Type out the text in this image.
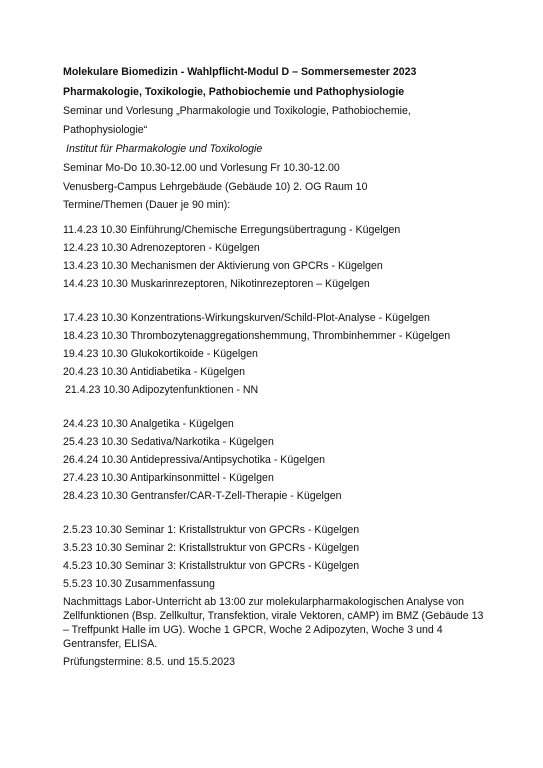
Molekulare Biomedizin - Wahlpflicht-Modul D – Sommersemester 2023
Pharmakologie, Toxikologie, Pathobiochemie und Pathophysiologie
Seminar und Vorlesung „Pharmakologie und Toxikologie, Pathobiochemie,
Pathophysiologie“
Institut für Pharmakologie und Toxikologie
Seminar Mo-Do 10.30-12.00 und Vorlesung Fr 10.30-12.00
Venusberg-Campus Lehrgebäude (Gebäude 10) 2. OG Raum 10
Termine/Themen (Dauer je 90 min):
11.4.23 10.30 Einführung/Chemische Erregungsübertragung - Kügelgen
12.4.23 10.30 Adrenozeptoren - Kügelgen
13.4.23 10.30 Mechanismen der Aktivierung von GPCRs - Kügelgen
14.4.23 10.30 Muskarinrezeptoren, Nikotinrezeptoren – Kügelgen
17.4.23 10.30 Konzentrations-Wirkungskurven/Schild-Plot-Analyse - Kügelgen
18.4.23 10.30 Thrombozytenaggregationshemmung, Thrombinhemmer - Kügelgen
19.4.23 10.30 Glukokortikoide - Kügelgen
20.4.23 10.30 Antidiabetika - Kügelgen
21.4.23 10.30 Adipozytenfunktionen - NN
24.4.23 10.30 Analgetika - Kügelgen
25.4.23 10.30 Sedativa/Narkotika - Kügelgen
26.4.24 10.30 Antidepressiva/Antipsychotika - Kügelgen
27.4.23 10.30 Antiparkinsonmittel - Kügelgen
28.4.23 10.30 Gentransfer/CAR-T-Zell-Therapie - Kügelgen
2.5.23 10.30 Seminar 1: Kristallstruktur von GPCRs - Kügelgen
3.5.23 10.30 Seminar 2: Kristallstruktur von GPCRs - Kügelgen
4.5.23 10.30 Seminar 3: Kristallstruktur von GPCRs - Kügelgen
5.5.23 10.30 Zusammenfassung
Nachmittags Labor-Unterricht ab 13:00 zur molekularpharmakologischen Analyse von
Zellfunktionen (Bsp. Zellkultur, Transfektion, virale Vektoren, cAMP) im BMZ (Gebäude 13
– Treffpunkt Halle im UG). Woche 1 GPCR, Woche 2 Adipozyten, Woche 3 und 4
Gentransfer, ELISA.
Prüfungstermine: 8.5. und 15.5.2023
